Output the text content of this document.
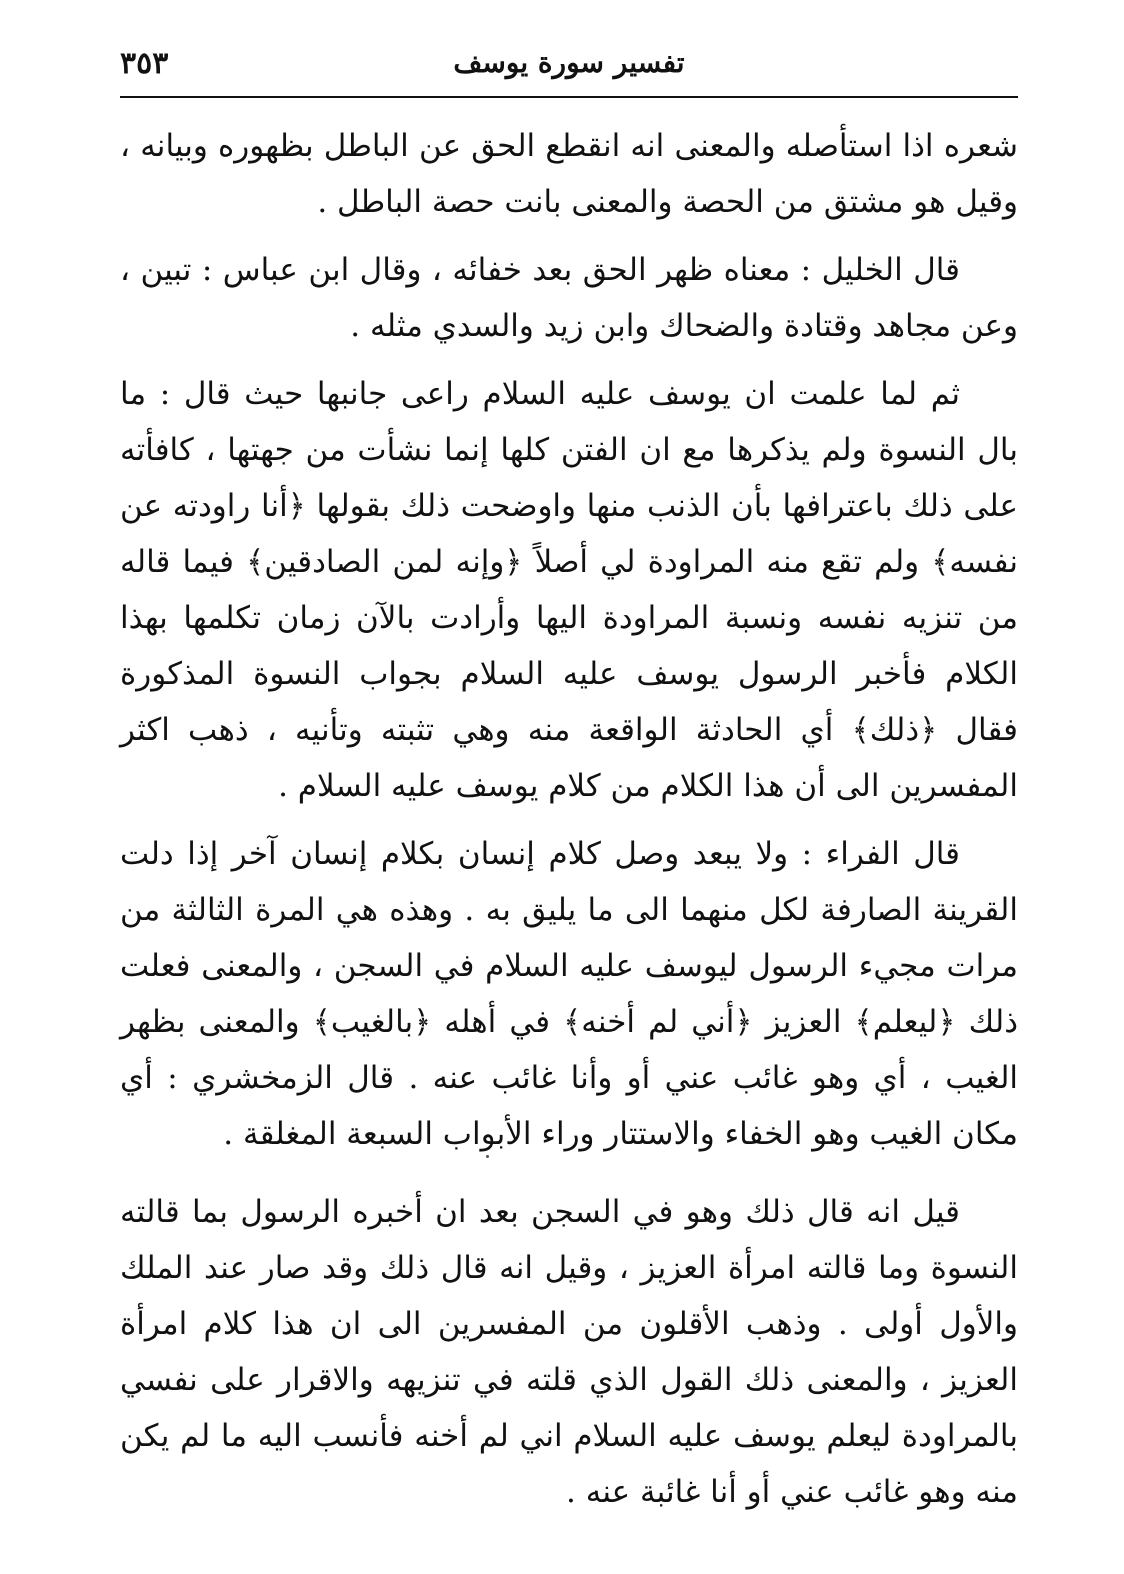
٣٥٣	تفسير سورة يوسف

شعره اذا استأصله والمعنى انه انقطع الحق عن الباطل بظهوره وبيانه ، وقيل هو مشتق من الحصة والمعنى بانت حصة الباطل .

قال الخليل : معناه ظهر الحق بعد خفائه ، وقال ابن عباس : تبين ، وعن مجاهد وقتادة والضحاك وابن زيد والسدي مثله .

ثم لما علمت ان يوسف عليه السلام راعى جانبها حيث قال : ما بال النسوة ولم يذكرها مع ان الفتن كلها إنما نشأت من جهتها ، كافأته على ذلك باعترافها بأن الذنب منها واوضحت ذلك بقولها ﴿أنا راودته عن نفسه﴾ ولم تقع منه المراودة لي أصلاً ﴿وإنه لمن الصادقين﴾ فيما قاله من تنزيه نفسه ونسبة المراودة اليها وأرادت بالآن زمان تكلمها بهذا الكلام فأخبر الرسول يوسف عليه السلام بجواب النسوة المذكورة فقال ﴿ذلك﴾ أي الحادثة الواقعة منه وهي تثبته وتأنيه ، ذهب اكثر المفسرين الى أن هذا الكلام من كلام يوسف عليه السلام .

قال الفراء : ولا يبعد وصل كلام إنسان بكلام إنسان آخر إذا دلت القرينة الصارفة لكل منهما الى ما يليق به . وهذه هي المرة الثالثة من مرات مجيء الرسول ليوسف عليه السلام في السجن ، والمعنى فعلت ذلك ﴿ليعلم﴾ العزيز ﴿أني لم أخنه﴾ في أهله ﴿بالغيب﴾ والمعنى بظهر الغيب ، أي وهو غائب عني أو وأنا غائب عنه . قال الزمخشري : أي مكان الغيب وهو الخفاء والاستتار وراء الأبواب السبعة المغلقة .

قيل انه قال ذلك وهو في السجن بعد ان أخبره الرسول بما قالته النسوة وما قالته امرأة العزيز ، وقيل انه قال ذلك وقد صار عند الملك والأول أولى . وذهب الأقلون من المفسرين الى ان هذا كلام امرأة العزيز ، والمعنى ذلك القول الذي قلته في تنزيهه والاقرار على نفسي بالمراودة ليعلم يوسف عليه السلام اني لم أخنه فأنسب اليه ما لم يكن منه وهو غائب عني أو أنا غائبة عنه .
